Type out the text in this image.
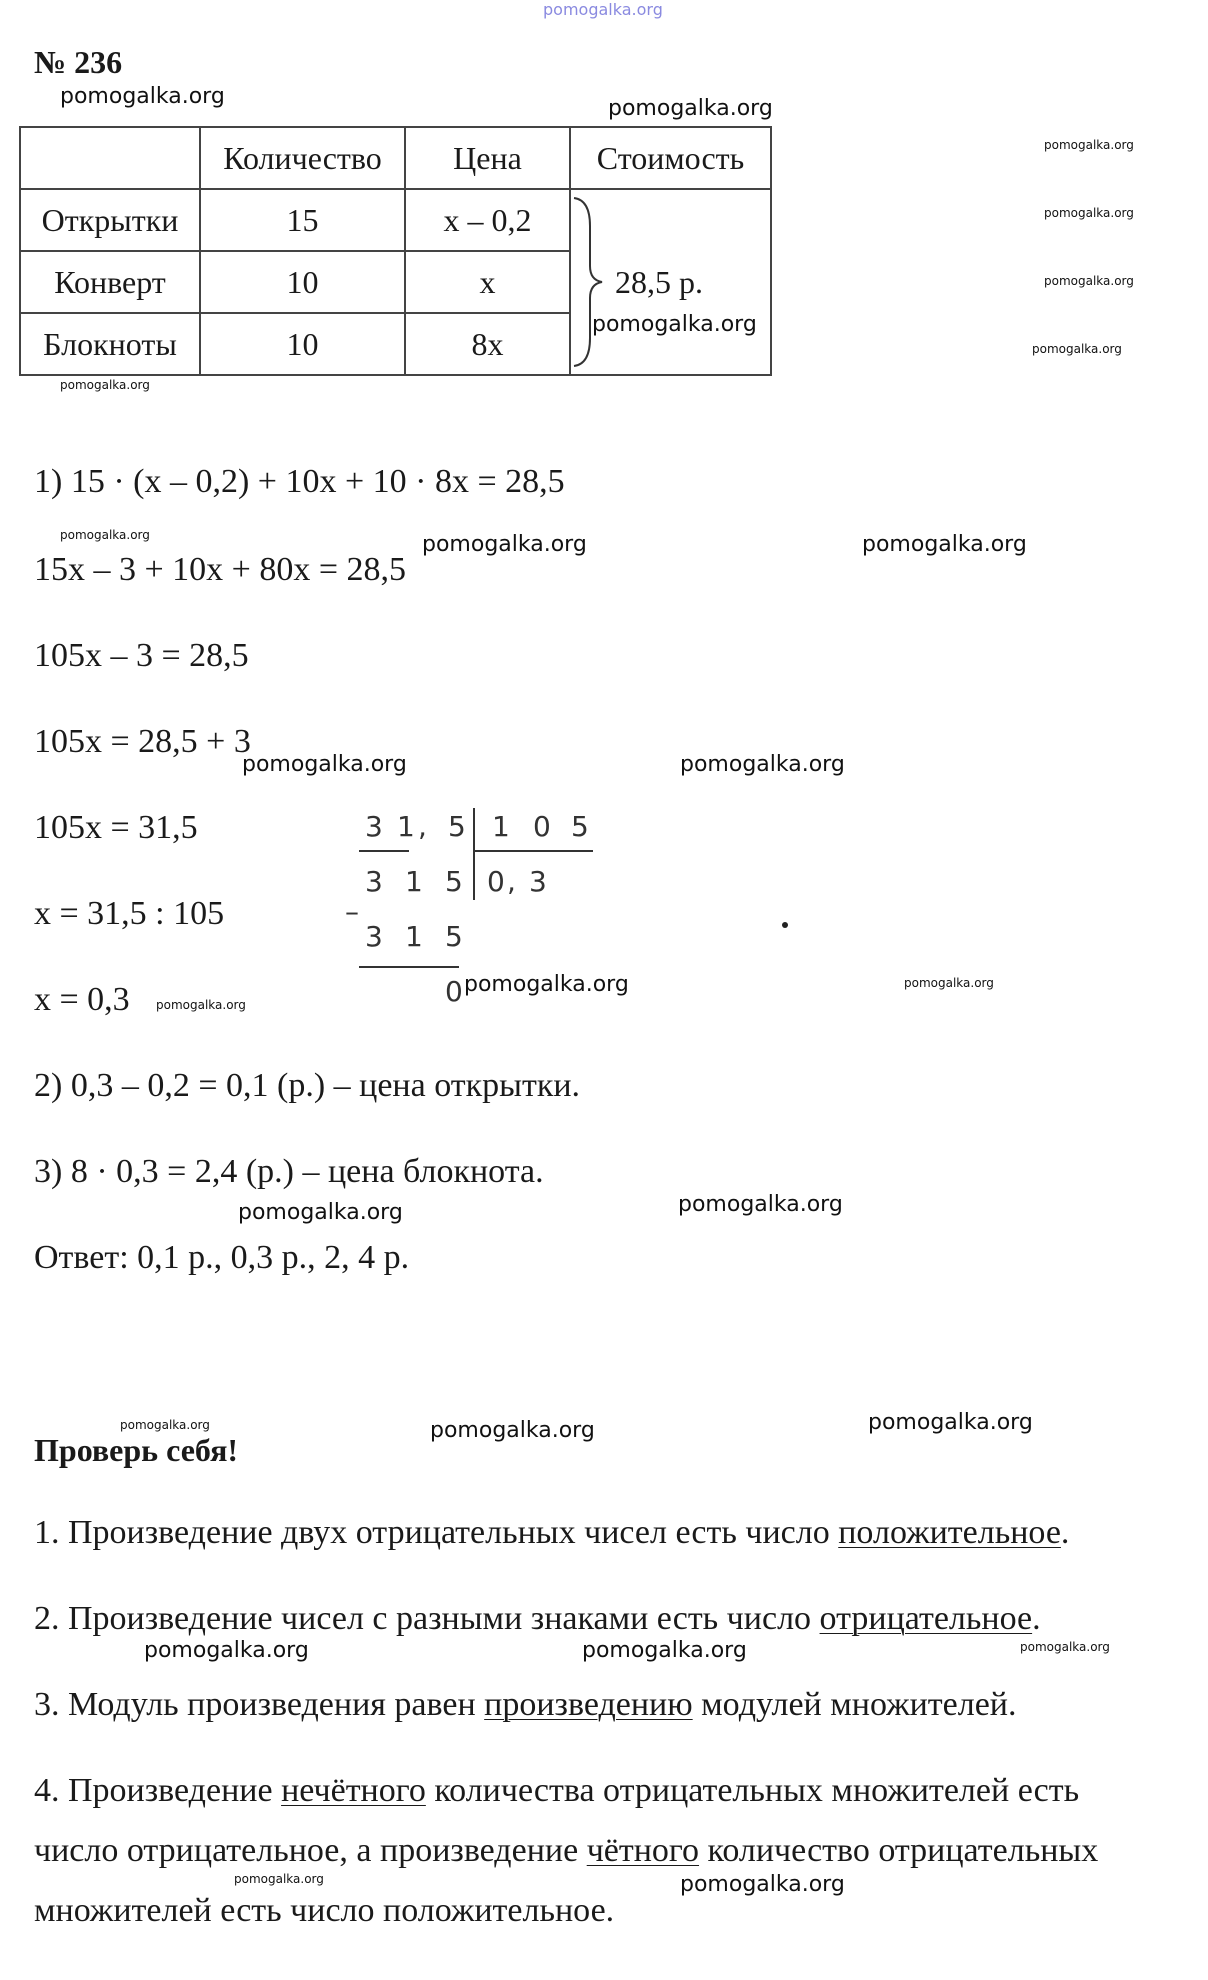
pomogalka.org
№ 236
	Количество	Цена	Стоимость
Открытки	15	x – 0,2	
Конверт	10	x	28,5 р.
Блокноты	10	8x	
1) 15 · (x – 0,2) + 10x + 10 · 8x = 28,5
15x – 3 + 10x + 80x = 28,5
105x – 3 = 28,5
105x = 28,5 + 3
105x = 31,5
x = 31,5 : 105
x = 0,3
2) 0,3 – 0,2 = 0,1 (р.) – цена открытки.
3) 8 · 0,3 = 2,4 (р.) – цена блокнота.
Ответ: 0,1 р., 0,3 р., 2, 4 р.
3 1 , 5 1 0 5
3 1 5 0 , 3
–
3 1 5
0
Проверь себя!
1. Произведение двух отрицательных чисел есть число положительное.
2. Произведение чисел с разными знаками есть число отрицательное.
3. Модуль произведения равен произведению модулей множителей.
4. Произведение нечётного количества отрицательных множителей есть
число отрицательное, а произведение чётного количество отрицательных
множителей есть число положительное.
pomogalka.org	pomogalka.org
pomogalka.org
pomogalka.org
pomogalka.org
pomogalka.org
pomogalka.org
pomogalka.org
pomogalka.org	pomogalka.org	pomogalka.org
pomogalka.org	pomogalka.org
pomogalka.org	pomogalka.org
pomogalka.org
pomogalka.org
pomogalka.org
pomogalka.org	pomogalka.org	pomogalka.org
pomogalka.org
pomogalka.org	pomogalka.org
pomogalka.org	pomogalka.org
